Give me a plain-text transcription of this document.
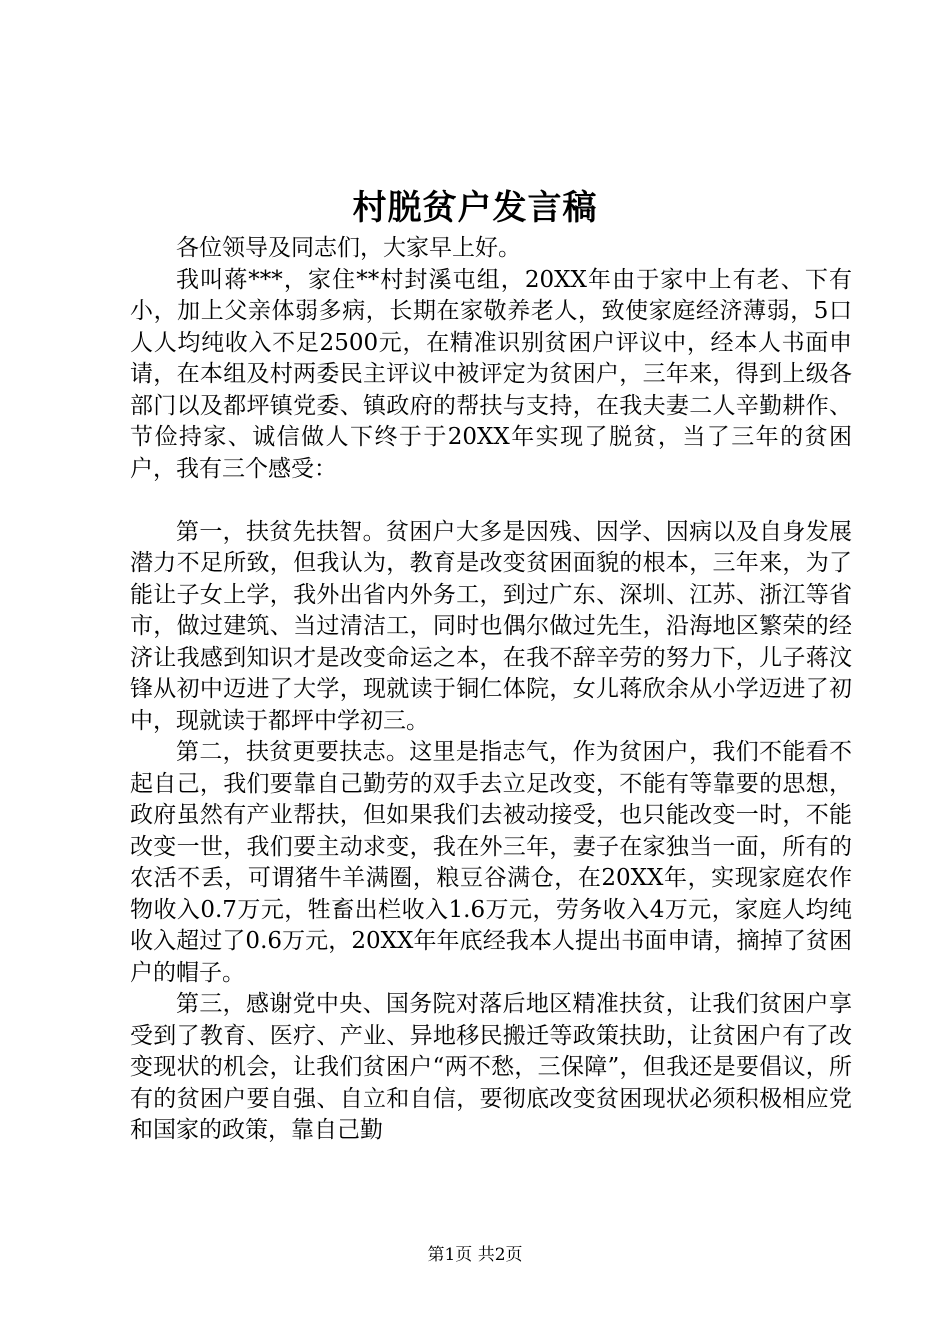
村脱贫户发言稿

各位领导及同志们，大家早上好。

我叫蒋***，家住**村封溪屯组，20XX年由于家中上有老、下有小，加上父亲体弱多病，长期在家敬养老人，致使家庭经济薄弱，5口人人均纯收入不足2500元，在精准识别贫困户评议中，经本人书面申请，在本组及村两委民主评议中被评定为贫困户，三年来，得到上级各部门以及都坪镇党委、镇政府的帮扶与支持，在我夫妻二人辛勤耕作、节俭持家、诚信做人下终于于20XX年实现了脱贫，当了三年的贫困户，我有三个感受：

第一，扶贫先扶智。贫困户大多是因残、因学、因病以及自身发展潜力不足所致，但我认为，教育是改变贫困面貌的根本，三年来，为了能让子女上学，我外出省内外务工，到过广东、深圳、江苏、浙江等省市，做过建筑、当过清洁工，同时也偶尔做过先生，沿海地区繁荣的经济让我感到知识才是改变命运之本，在我不辞辛劳的努力下，儿子蒋汶锋从初中迈进了大学，现就读于铜仁体院，女儿蒋欣余从小学迈进了初中，现就读于都坪中学初三。

第二，扶贫更要扶志。这里是指志气，作为贫困户，我们不能看不起自己，我们要靠自己勤劳的双手去立足改变，不能有等靠要的思想，政府虽然有产业帮扶，但如果我们去被动接受，也只能改变一时，不能改变一世，我们要主动求变，我在外三年，妻子在家独当一面，所有的农活不丢，可谓猪牛羊满圈，粮豆谷满仓，在20XX年，实现家庭农作物收入0.7万元，牲畜出栏收入1.6万元，劳务收入4万元，家庭人均纯收入超过了0.6万元，20XX年年底经我本人提出书面申请，摘掉了贫困户的帽子。

第三，感谢党中央、国务院对落后地区精准扶贫，让我们贫困户享受到了教育、医疗、产业、异地移民搬迁等政策扶助，让贫困户有了改变现状的机会，让我们贫困户“两不愁，三保障”，但我还是要倡议，所有的贫困户要自强、自立和自信，要彻底改变贫困现状必须积极相应党和国家的政策，靠自己勤

第1页 共2页
